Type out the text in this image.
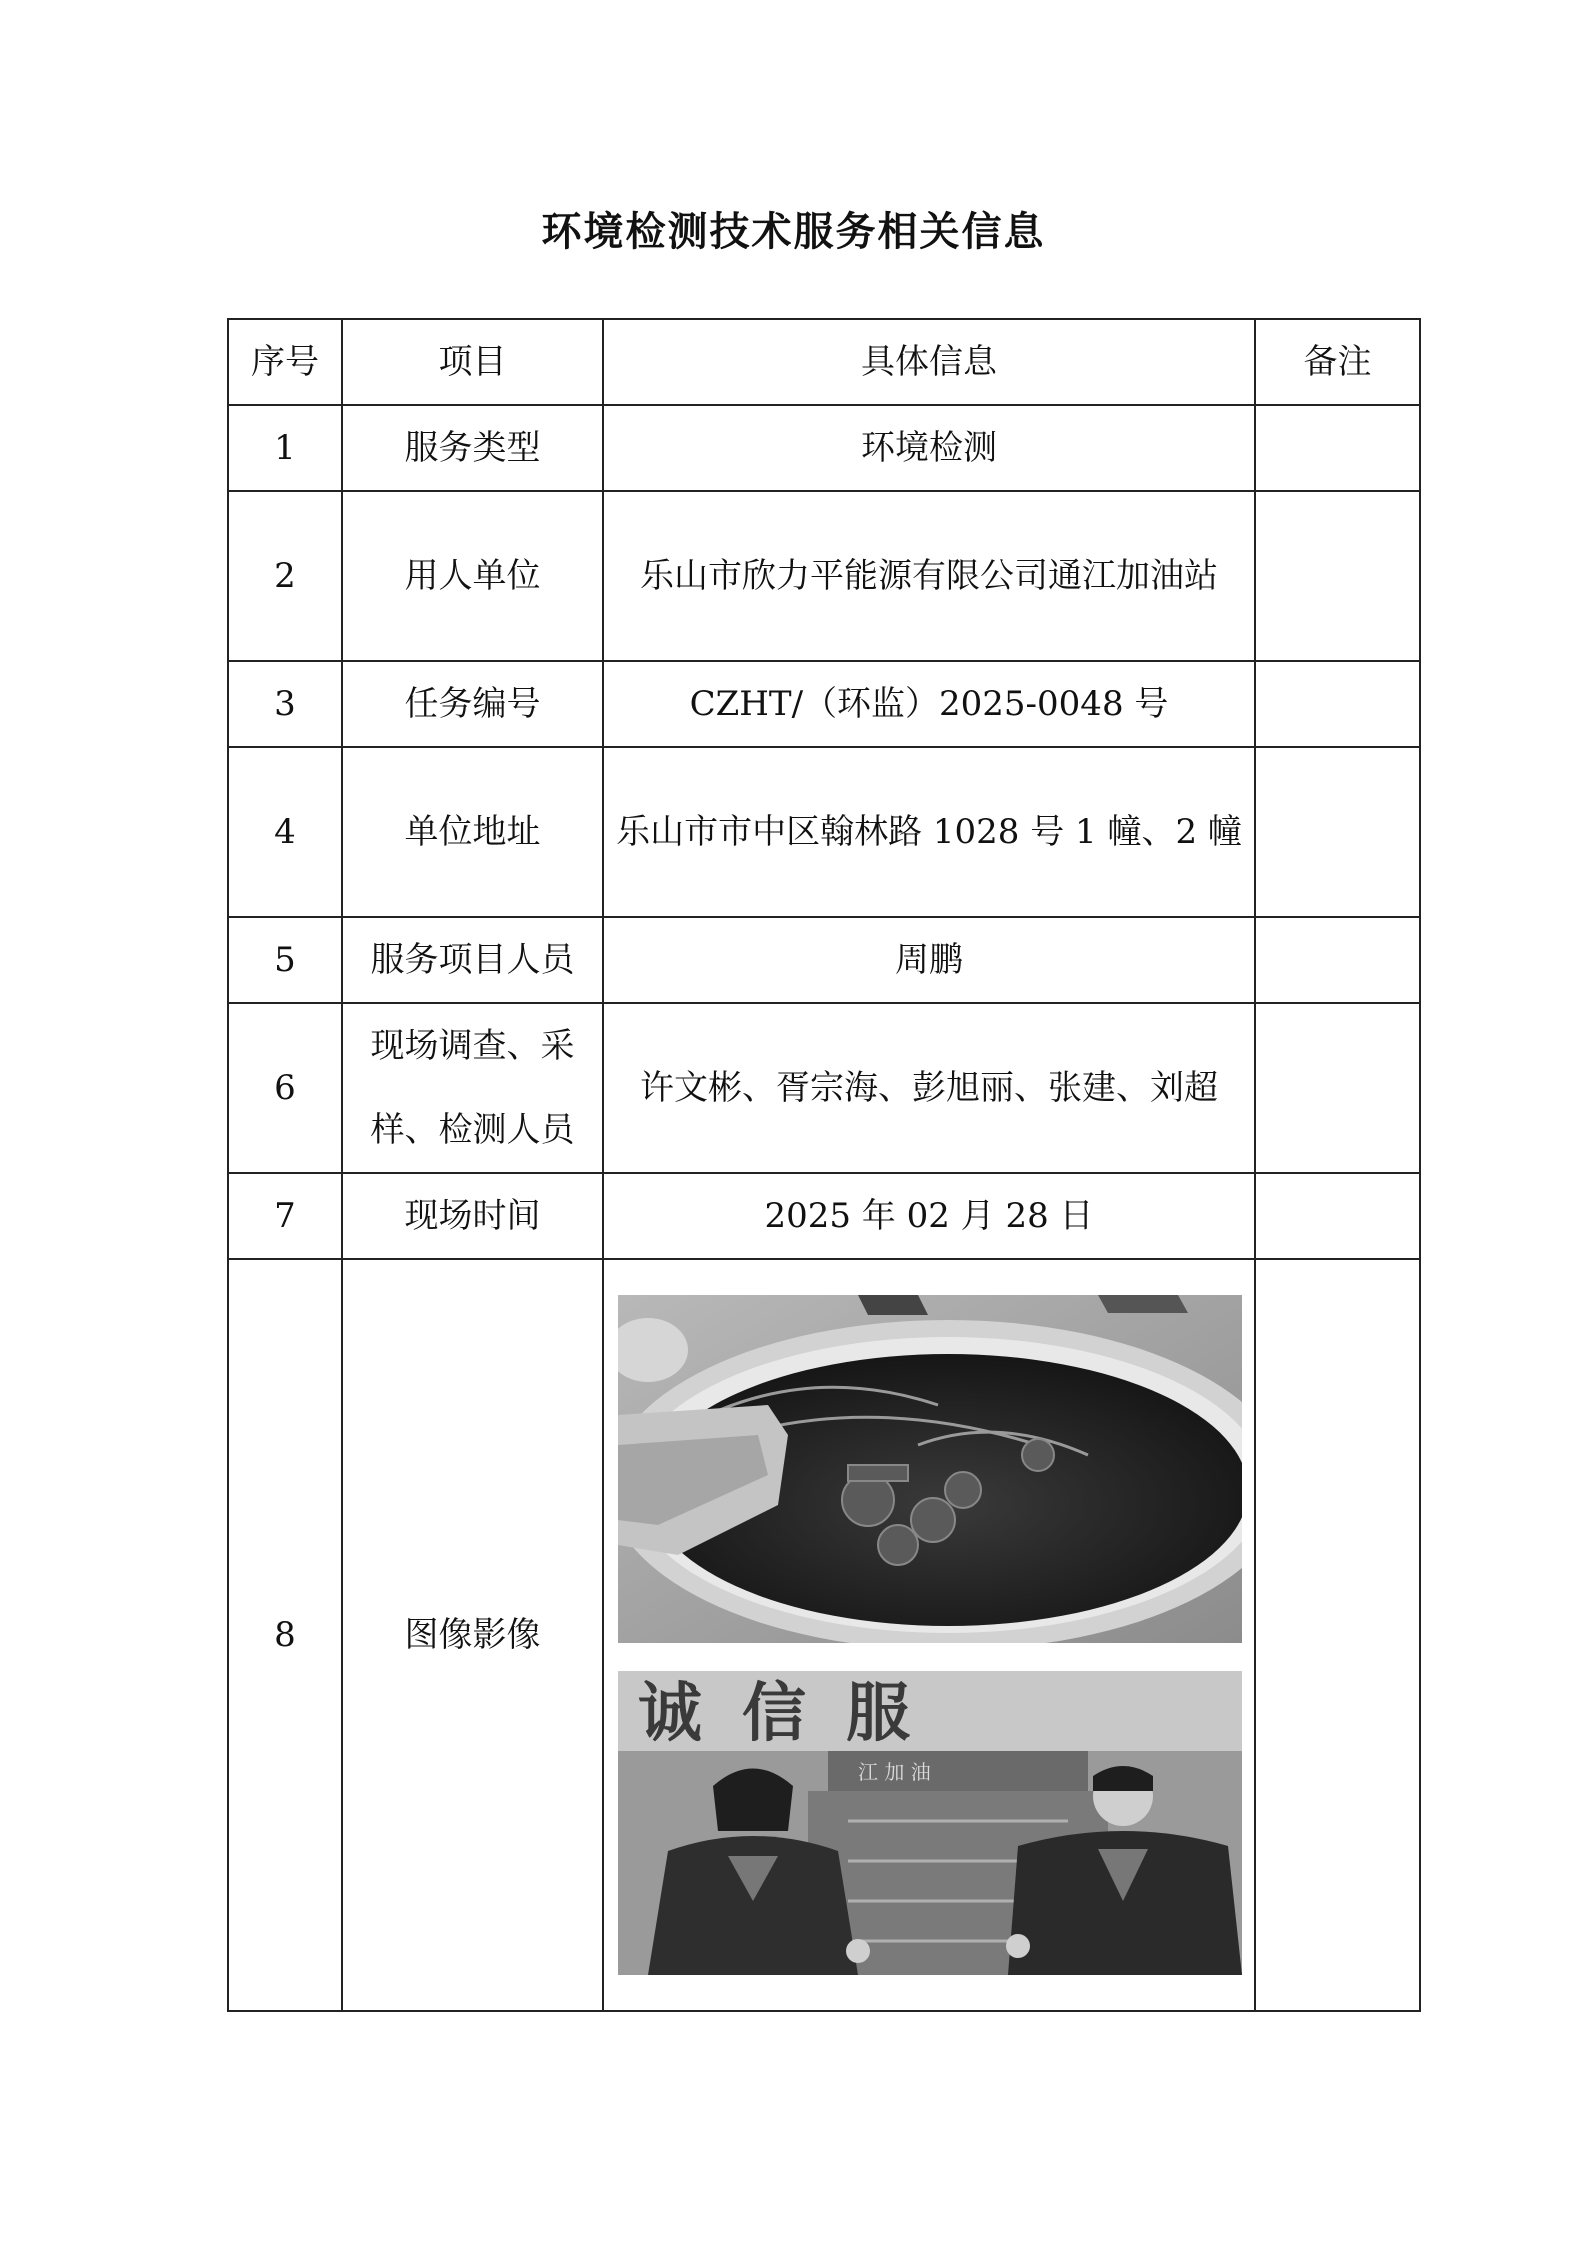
环境检测技术服务相关信息
序号	项目	具体信息	备注
1	服务类型	环境检测	
2	用人单位	乐山市欣力平能源有限公司通江加油站	
3	任务编号	CZHT/（环监）2025-0048 号	
4	单位地址	乐山市市中区翰林路 1028 号 1 幢、2 幢	
5	服务项目人员	周鹏	
6	现场调查、采样、检测人员	许文彬、胥宗海、彭旭丽、张建、刘超	
7	现场时间	2025 年 02 月 28 日	
8	图像影像	诚信服
江 加 油	
